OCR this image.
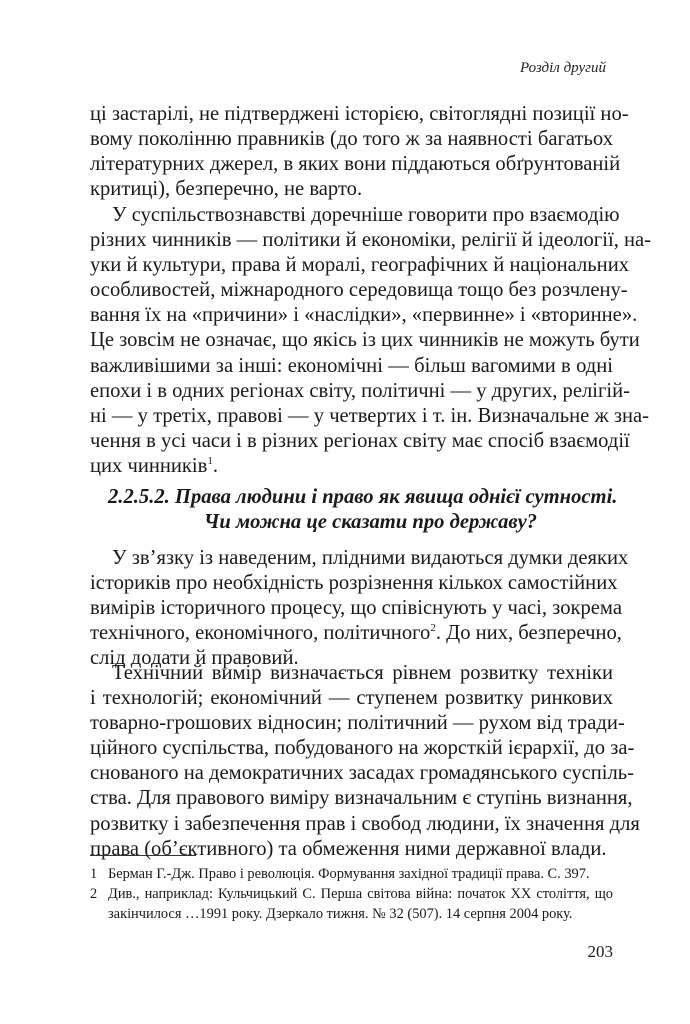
Розділ другий
ці застарілі, не підтверджені історією, світоглядні позиції но-
вому поколінню правників (до того ж за наявності багатьох
літературних джерел, в яких вони піддаються обґрунтованій
критиці), безперечно, не варто.
У суспільствознавстві доречніше говорити про взаємодію
різних чинників — політики й економіки, релігії й ідеології, на-
уки й культури, права й моралі, географічних й національних
особливостей, міжнародного середовища тощо без розчлену-
вання їх на «причини» і «наслідки», «первинне» і «вторинне».
Це зовсім не означає, що якісь із цих чинників не можуть бути
важливішими за інші: економічні — більш вагомими в одні
епохи і в одних регіонах світу, політичні — у других, релігій-
ні — у третіх, правові — у четвертих і т. ін. Визначальне ж зна-
чення в усі часи і в різних регіонах світу має спосіб взаємодії
цих чинників$^1$.
2.2.5.2. Права людини і право як явища однієї сутності.
Чи можна це сказати про державу?
У зв’язку із наведеним, плідними видаються думки деяких
істориків про необхідність розрізнення кількох самостійних
вимірів історичного процесу, що співіснують у часі, зокрема
технічного, економічного, політичного$^2$. До них, безперечно,
слід додати й правовий.
Технічний вимір визначається рівнем розвитку техніки
і технологій; економічний — ступенем розвитку ринкових
товарно-грошових відносин; політичний — рухом від тради-
ційного суспільства, побудованого на жорсткій ієрархії, до за-
снованого на демократичних засадах громадянського суспіль-
ства. Для правового виміру визначальним є ступінь визнання,
розвитку і забезпечення прав і свобод людини, їх значення для
права (об’єктивного) та обмеження ними державної влади.
1 Берман Г.-Дж. Право і революція. Формування західної традиції права. С. 397.
2 Див., наприклад: Кульчицький С. Перша світова війна: початок XX століття, що
закінчилося …1991 року. Дзеркало тижня. № 32 (507). 14 серпня 2004 року.
203
